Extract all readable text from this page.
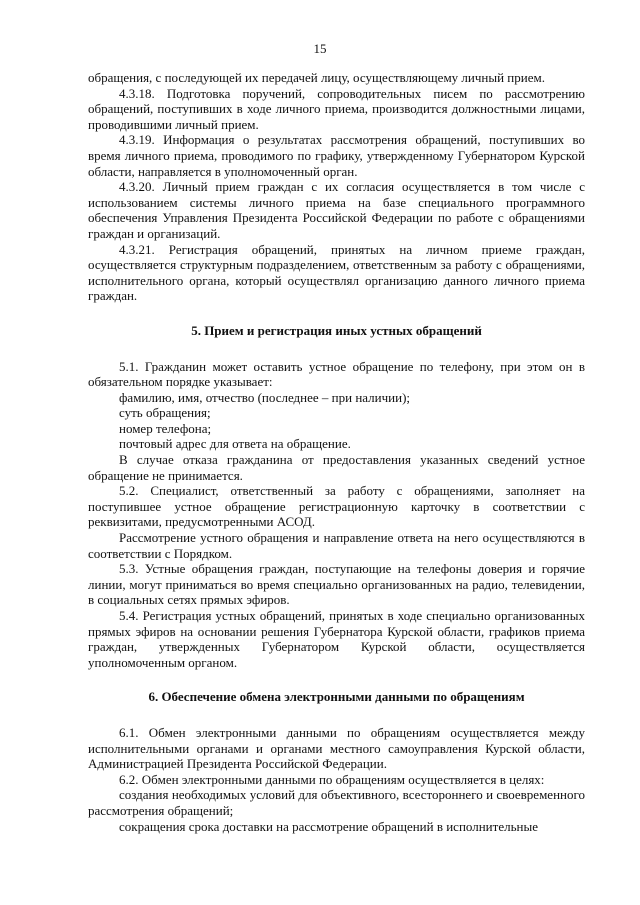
15

обращения, с последующей их передачей лицу, осуществляющему личный прием.

4.3.18. Подготовка поручений, сопроводительных писем по рассмотрению обращений, поступивших в ходе личного приема, производится должностными лицами, проводившими личный прием.

4.3.19. Информация о результатах рассмотрения обращений, поступивших во время личного приема, проводимого по графику, утвержденному Губернатором Курской области, направляется в уполномоченный орган.

4.3.20. Личный прием граждан с их согласия осуществляется в том числе с использованием системы личного приема на базе специального программного обеспечения Управления Президента Российской Федерации по работе с обращениями граждан и организаций.

4.3.21. Регистрация обращений, принятых на личном приеме граждан, осуществляется структурным подразделением, ответственным за работу с обращениями, исполнительного органа, который осуществлял организацию данного личного приема граждан.

5. Прием и регистрация иных устных обращений

5.1. Гражданин может оставить устное обращение по телефону, при этом он в обязательном порядке указывает:

фамилию, имя, отчество (последнее – при наличии);

суть обращения;

номер телефона;

почтовый адрес для ответа на обращение.

В случае отказа гражданина от предоставления указанных сведений устное обращение не принимается.

5.2. Специалист, ответственный за работу с обращениями, заполняет на поступившее устное обращение регистрационную карточку в соответствии с реквизитами, предусмотренными АСОД.

Рассмотрение устного обращения и направление ответа на него осуществляются в соответствии с Порядком.

5.3. Устные обращения граждан, поступающие на телефоны доверия и горячие линии, могут приниматься во время специально организованных на радио, телевидении, в социальных сетях прямых эфиров.

5.4. Регистрация устных обращений, принятых в ходе специально организованных прямых эфиров на основании решения Губернатора Курской области, графиков приема граждан, утвержденных Губернатором Курской области, осуществляется уполномоченным органом.

6. Обеспечение обмена электронными данными по обращениям

6.1. Обмен электронными данными по обращениям осуществляется между исполнительными органами и органами местного самоуправления Курской области, Администрацией Президента Российской Федерации.

6.2. Обмен электронными данными по обращениям осуществляется в целях:

создания необходимых условий для объективного, всестороннего и своевременного рассмотрения обращений;

сокращения срока доставки на рассмотрение обращений в исполнительные
